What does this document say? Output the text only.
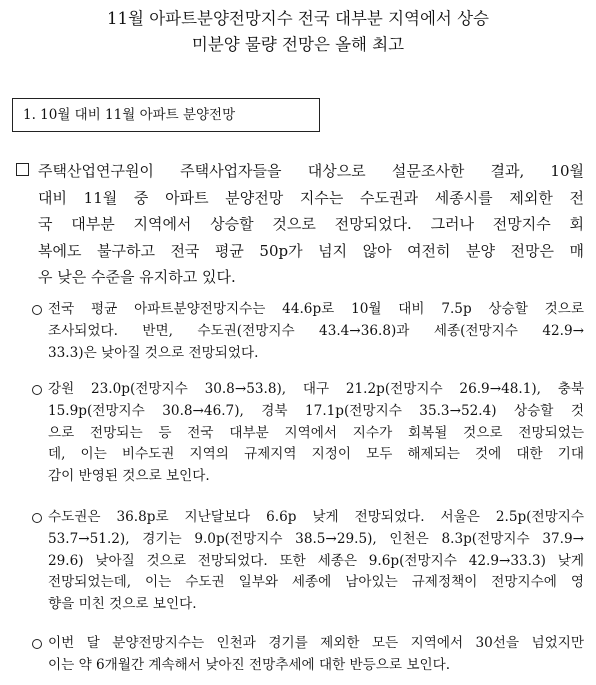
11월 아파트분양전망지수 전국 대부분 지역에서 상승
미분양 물량 전망은 올해 최고
1. 10월 대비 11월 아파트 분양전망
주택산업연구원이 주택사업자들을 대상으로 설문조사한 결과, 10월
대비 11월 중 아파트 분양전망 지수는 수도권과 세종시를 제외한 전
국 대부분 지역에서 상승할 것으로 전망되었다. 그러나 전망지수 회
복에도 불구하고 전국 평균 50p가 넘지 않아 여전히 분양 전망은 매
우 낮은 수준을 유지하고 있다.
전국 평균 아파트분양전망지수는 44.6p로 10월 대비 7.5p 상승할 것으로
조사되었다. 반면, 수도권(전망지수 43.4→36.8)과 세종(전망지수 42.9→
33.3)은 낮아질 것으로 전망되었다.
강원 23.0p(전망지수 30.8→53.8), 대구 21.2p(전망지수 26.9→48.1), 충북
15.9p(전망지수 30.8→46.7), 경북 17.1p(전망지수 35.3→52.4) 상승할 것
으로 전망되는 등 전국 대부분 지역에서 지수가 회복될 것으로 전망되었는
데, 이는 비수도권 지역의 규제지역 지정이 모두 해제되는 것에 대한 기대
감이 반영된 것으로 보인다.
수도권은 36.8p로 지난달보다 6.6p 낮게 전망되었다. 서울은 2.5p(전망지수
53.7→51.2), 경기는 9.0p(전망지수 38.5→29.5), 인천은 8.3p(전망지수 37.9→
29.6) 낮아질 것으로 전망되었다. 또한 세종은 9.6p(전망지수 42.9→33.3) 낮게
전망되었는데, 이는 수도권 일부와 세종에 남아있는 규제정책이 전망지수에 영
향을 미친 것으로 보인다.
이번 달 분양전망지수는 인천과 경기를 제외한 모든 지역에서 30선을 넘었지만
이는 약 6개월간 계속해서 낮아진 전망추세에 대한 반등으로 보인다.
